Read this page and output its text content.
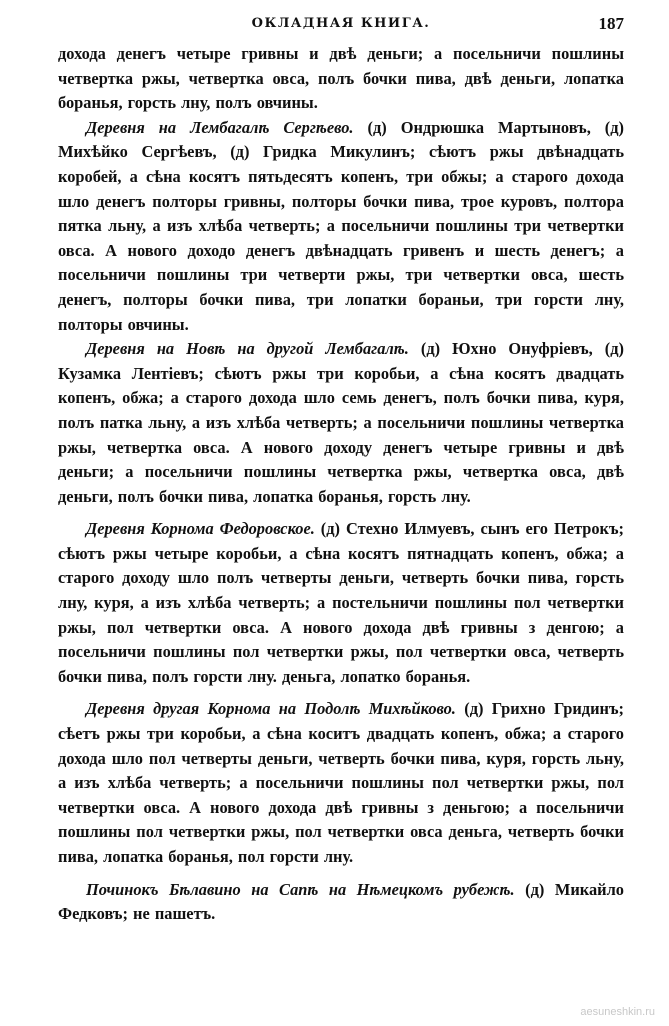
ОКЛАДНАЯ КНИГА.	187

дохода денегъ четыре гривны и двѣ деньги; а посельничи пошлины четвертка ржы, четвертка овса, полъ бочки пива, двѣ деньги, лопатка боранья, горсть лну, полъ овчины.

Деревня на Лембагалѣ Сергѣево. (д) Ондрюшка Мартыновъ, (д) Михѣйко Сергѣевъ, (д) Гридка Микулинъ; сѣютъ ржы двѣнадцать коробей, а сѣна косятъ пятьдесятъ копенъ, три обжы; а старого дохода шло денегъ полторы гривны, полторы бочки пива, трое куровъ, полтора пятка льну, а изъ хлѣба четверть; а посельничи пошлины три четвертки овса. А нового доходо денегъ двѣнадцать гривенъ и шесть денегъ; а посельничи пошлины три четверти ржы, три четвертки овса, шесть денегъ, полторы бочки пива, три лопатки бораньи, три горсти лну, полторы овчины.

Деревня на Новѣ на другой Лембагалѣ. (д) Юхно Онуфріевъ, (д) Кузамка Лентіевъ; сѣютъ ржы три коробьи, а сѣна косятъ двадцать копенъ, обжа; а старого дохода шло семь денегъ, полъ бочки пива, куря, полъ патка льну, а изъ хлѣба четверть; а посельничи пошлины четвертка ржы, четвертка овса. А нового доходу денегъ четыре гривны и двѣ деньги; а посельничи пошлины четвертка ржы, четвертка овса, двѣ деньги, полъ бочки пива, лопатка боранья, горсть лну.

Деревня Корнома Федоровское. (д) Стехно Илмуевъ, сынъ его Петрокъ; сѣютъ ржы четыре коробьи, а сѣна косятъ пятнадцать копенъ, обжа; а старого доходу шло полъ четверты деньги, четверть бочки пива, горсть лну, куря, а изъ хлѣба четверть; а постельничи пошлины пол четвертки ржы, пол четвертки овса. А нового дохода двѣ гривны з денгою; а посельничи пошлины пол четвертки ржы, пол четвертки овса, четверть бочки пива, полъ горсти лну. деньга, лопатко боранья.

Деревня другая Корнома на Подолѣ Михѣйково. (д) Грихно Гридинъ; сѣетъ ржы три коробьи, а сѣна коситъ двадцать копенъ, обжа; а старого дохода шло пол четверты деньги, четверть бочки пива, куря, горсть льну, а изъ хлѣба четверть; а посельничи пошлины пол четвертки ржы, пол четвертки овса. А нового дохода двѣ гривны з деньгою; а посельничи пошлины пол четвертки ржы, пол четвертки овса деньга, четверть бочки пива, лопатка боранья, пол горсти лну.

Починокъ Бѣлавино на Сапѣ на Нѣмецкомъ рубежѣ. (д) Микайло Федковъ; не пашетъ.

aesuneshkin.ru
